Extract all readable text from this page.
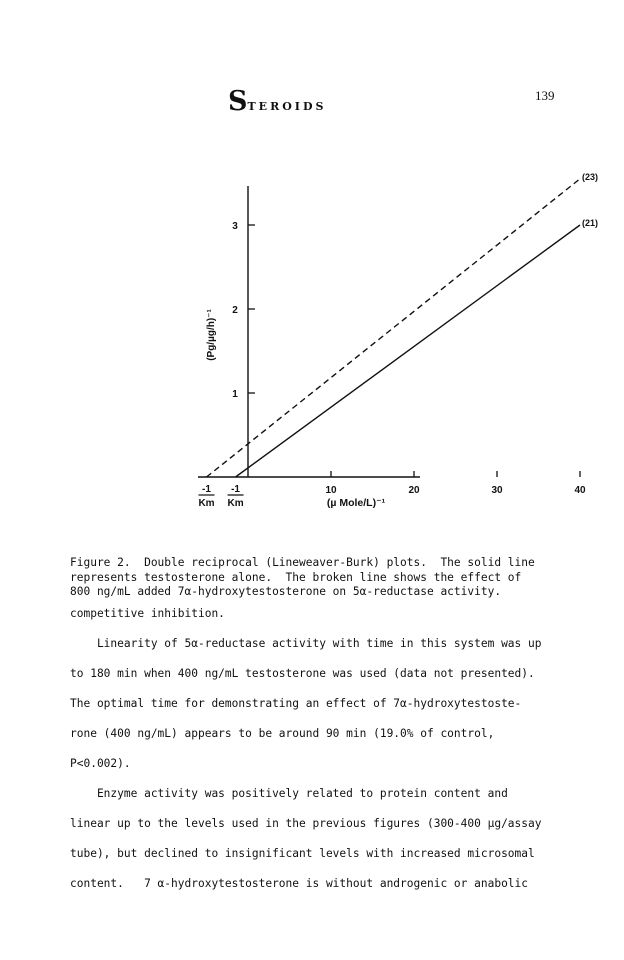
STEROIDS
139
10	20	30	40
1
2
3
-1
Km
-1
Km
(23)
(21)
(Pg/µg/h)⁻¹
(µ Mole/L)⁻¹
Figure 2.  Double reciprocal (Lineweaver-Burk) plots.  The solid line
represents testosterone alone.  The broken line shows the effect of
800 ng/mL added 7α-hydroxytestosterone on 5α-reductase activity.
competitive inhibition.
Linearity of 5α-reductase activity with time in this system was up
to 180 min when 400 ng/mL testosterone was used (data not presented).
The optimal time for demonstrating an effect of 7α-hydroxytestoste-
rone (400 ng/mL) appears to be around 90 min (19.0% of control,
P<0.002).
Enzyme activity was positively related to protein content and
linear up to the levels used in the previous figures (300-400 µg/assay
tube), but declined to insignificant levels with increased microsomal
content.   7 α-hydroxytestosterone is without androgenic or anabolic
